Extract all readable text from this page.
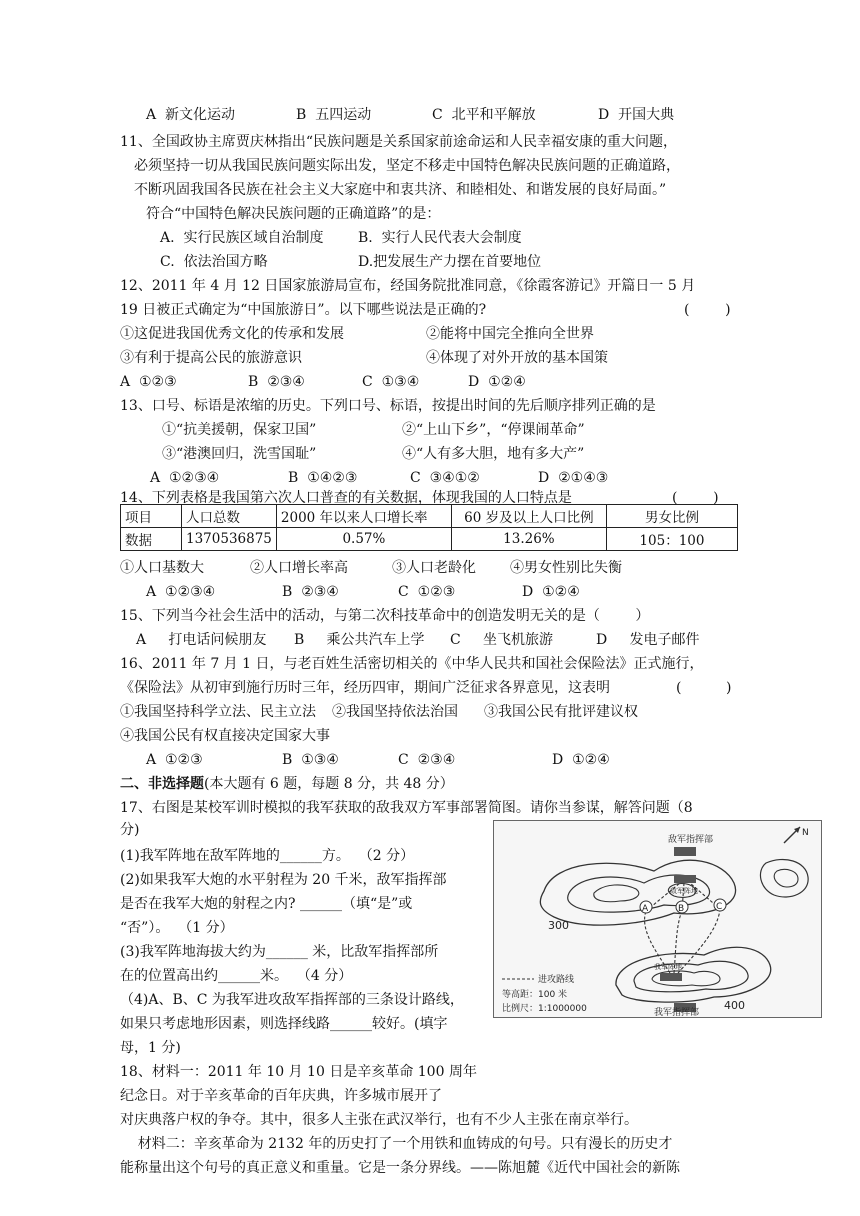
A  新文化运动	B  五四运动	C  北平和平解放	D  开国大典
11、全国政协主席贾庆林指出“民族问题是关系国家前途命运和人民幸福安康的重大问题，
必须坚持一切从我国民族问题实际出发，坚定不移走中国特色解决民族问题的正确道路，
不断巩固我国各民族在社会主义大家庭中和衷共济、和睦相处、和谐发展的良好局面。”
符合“中国特色解决民族问题的正确道路”的是：
A.  实行民族区域自治制度 B.  实行人民代表大会制度
C.  依法治国方略	D.把发展生产力摆在首要地位
12、2011 年 4 月 12 日国家旅游局宣布，经国务院批准同意，《徐霞客游记》开篇日一 5 月
19 日被正式确定为“中国旅游日”。以下哪些说法是正确的?	(        )
①这促进我国优秀文化的传承和发展	②能将中国完全推向全世界
③有利于提高公民的旅游意识	④体现了对外开放的基本国策
A  ①②③	B  ②③④	C  ①③④	D  ①②④
13、口号、标语是浓缩的历史。下列口号、标语，按提出时间的先后顺序排列正确的是
①“抗美援朝，保家卫国”	②“上山下乡”，“停课闹革命”
③“港澳回归，洗雪国耻”	④“人有多大胆，地有多大产”
A  ①②③④	B  ①④②③	C  ③④①②	D  ②①④③
项目	人口总数	2000 年以来人口增长率	60 岁及以上人口比例	男女比例
数据	1370536875	0.57%	13.26%	105：100
14、下列表格是我国第六次人口普查的有关数据，体现我国的人口特点是	(        )
①人口基数大	②人口增长率高	③人口老龄化 ④男女性别比失衡
A  ①②③④	B  ②③④	C  ①②③	D  ①②④
15、下列当今社会生活中的活动，与第二次科技革命中的创造发明无关的是（        ）
A     打电话问候朋友 B     乘公共汽车上学 C     坐飞机旅游	D     发电子邮件
16、2011 年 7 月 1 日，与老百姓生活密切相关的《中华人民共和国社会保险法》正式施行，
《保险法》从初审到施行历时三年，经历四审，期间广泛征求各界意见，这表明	(          )
①我国坚持科学立法、民主立法 ②我国坚持依法治国 ③我国公民有批评建议权
④我国公民有权直接决定国家大事
A  ①②③	B  ①③④	C  ②③④	D  ①②④
二、非选择题(本大题有 6 题，每题 8 分，共 48 分）
17、右图是某校军训时模拟的我军获取的敌我双方军事部署简图。请你当参谋，解答问题（8
分)
(1)我军阵地在敌军阵地的______方。  （2 分）
(2)如果我军大炮的水平射程为 20 千米，敌军指挥部
是否在我军大炮的射程之内? ______（填“是”或
“否”）。  （1 分）
(3)我军阵地海拔大约为______ 米，比敌军指挥部所
在的位置高出约______米。  （4 分）
（4)A、B、C 为我军进攻敌军指挥部的三条设计路线，
如果只考虑地形因素，则选择线路______较好。(填字
母，1 分)
敌军指挥部
我军指挥部
敌军阵地
我军阵地
300
400
A	B	C
进攻路线
等高距：100 米
比例尺：1:1000000
N
18、材料一：2011 年 10 月 10 日是辛亥革命 100 周年
纪念日。对于辛亥革命的百年庆典，许多城市展开了
对庆典落户权的争夺。其中，很多人主张在武汉举行，也有不少人主张在南京举行。
材料二：辛亥革命为 2132 年的历史打了一个用铁和血铸成的句号。只有漫长的历史才
能称量出这个句号的真正意义和重量。它是一条分界线。——陈旭麓《近代中国社会的新陈
